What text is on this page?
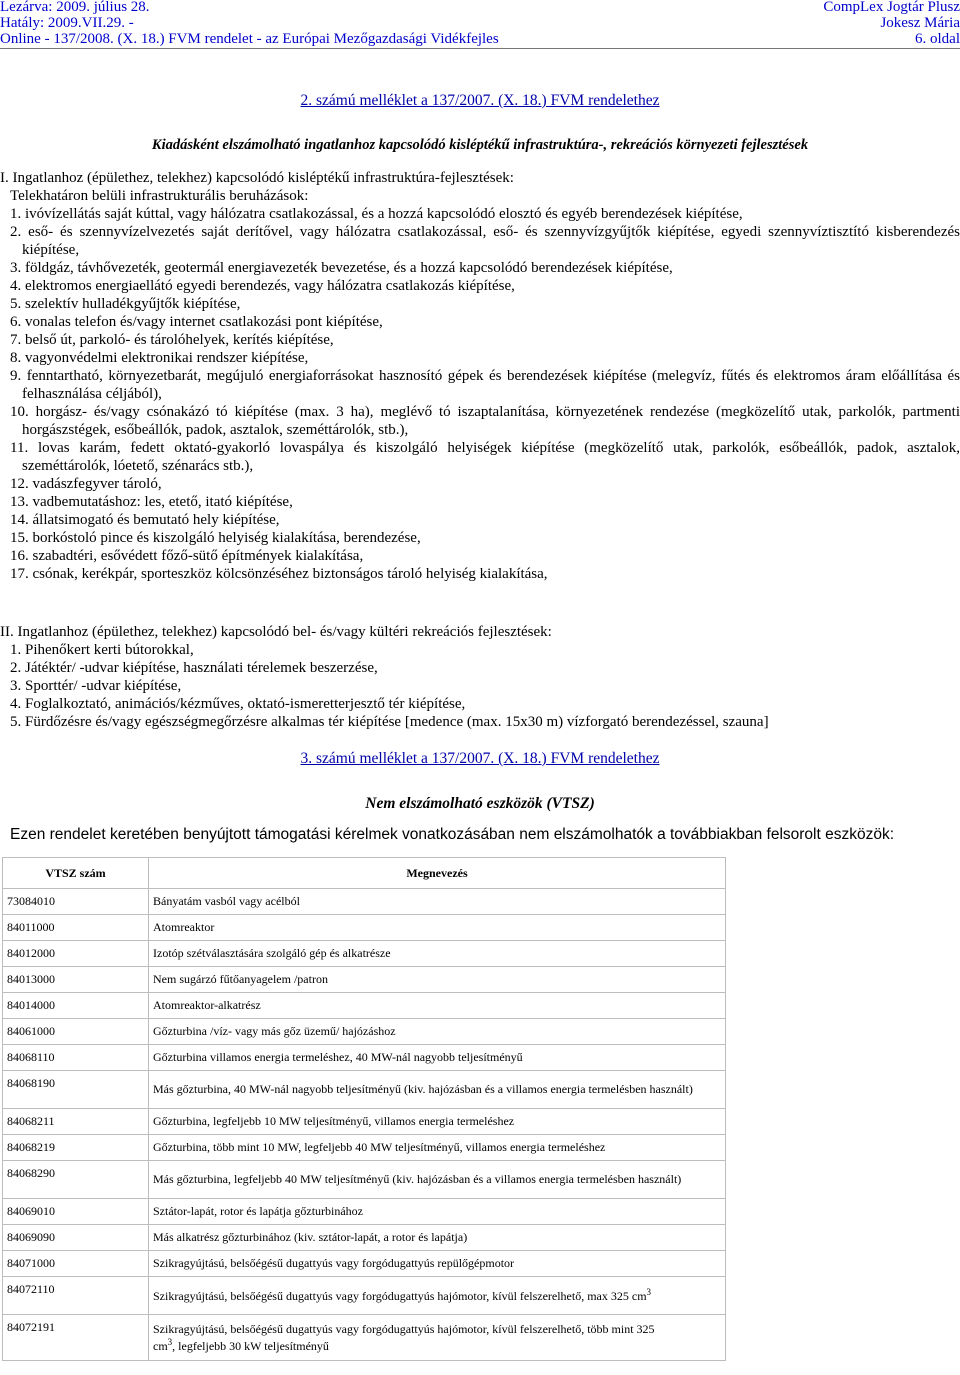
Lezárva: 2009. július 28.
Hatály: 2009.VII.29. -
Online - 137/2008. (X. 18.) FVM rendelet - az Európai Mezőgazdasági Vidékfejles
CompLex Jogtár Plusz
Jokesz Mária
6. oldal
2. számú melléklet a 137/2007. (X. 18.) FVM rendelethez
Kiadásként elszámolható ingatlanhoz kapcsolódó kisléptékű infrastruktúra-, rekreációs környezeti fejlesztések
I. Ingatlanhoz (épülethez, telekhez) kapcsolódó kisléptékű infrastruktúra-fejlesztések:
Telekhatáron belüli infrastrukturális beruházások:
1. ivóvízellátás saját kúttal, vagy hálózatra csatlakozással, és a hozzá kapcsolódó elosztó és egyéb berendezések kiépítése,
2. eső- és szennyvízelvezetés saját derítővel, vagy hálózatra csatlakozással, eső- és szennyvízgyűjtők kiépítése, egyedi szennyvíztisztító kisberendezés kiépítése,
3. földgáz, távhővezeték, geotermál energiavezeték bevezetése, és a hozzá kapcsolódó berendezések kiépítése,
4. elektromos energiaellátó egyedi berendezés, vagy hálózatra csatlakozás kiépítése,
5. szelektív hulladékgyűjtők kiépítése,
6. vonalas telefon és/vagy internet csatlakozási pont kiépítése,
7. belső út, parkoló- és tárolóhelyek, kerítés kiépítése,
8. vagyonvédelmi elektronikai rendszer kiépítése,
9. fenntartható, környezetbarát, megújuló energiaforrásokat hasznosító gépek és berendezések kiépítése (melegvíz, fűtés és elektromos áram előállítása és felhasználása céljából),
10. horgász- és/vagy csónakázó tó kiépítése (max. 3 ha), meglévő tó iszaptalanítása, környezetének rendezése (megközelítő utak, parkolók, partmenti horgászstégek, esőbeállók, padok, asztalok, szeméttárolók, stb.),
11. lovas karám, fedett oktató-gyakorló lovaspálya és kiszolgáló helyiségek kiépítése (megközelítő utak, parkolók, esőbeállók, padok, asztalok, szeméttárolók, lóetető, szénarács stb.),
12. vadászfegyver tároló,
13. vadbemutatáshoz: les, etető, itató kiépítése,
14. állatsimogató és bemutató hely kiépítése,
15. borkóstoló pince és kiszolgáló helyiség kialakítása, berendezése,
16. szabadtéri, esővédett főző-sütő építmények kialakítása,
17. csónak, kerékpár, sporteszköz kölcsönzéséhez biztonságos tároló helyiség kialakítása,
II. Ingatlanhoz (épülethez, telekhez) kapcsolódó bel- és/vagy kültéri rekreációs fejlesztések:
1. Pihenőkert kerti bútorokkal,
2. Játéktér/ -udvar kiépítése, használati térelemek beszerzése,
3. Sporttér/ -udvar kiépítése,
4. Foglalkoztató, animációs/kézműves, oktató-ismeretterjesztő tér kiépítése,
5. Fürdőzésre és/vagy egészségmegőrzésre alkalmas tér kiépítése [medence (max. 15x30 m) vízforgató berendezéssel, szauna]
3. számú melléklet a 137/2007. (X. 18.) FVM rendelethez
Nem elszámolható eszközök (VTSZ)
Ezen rendelet keretében benyújtott támogatási kérelmek vonatkozásában nem elszámolhatók a továbbiakban felsorolt eszközök:
VTSZ szám	Megnevezés
73084010	Bányatám vasból vagy acélból
84011000	Atomreaktor
84012000	Izotóp szétválasztására szolgáló gép és alkatrésze
84013000	Nem sugárzó fűtőanyagelem /patron
84014000	Atomreaktor-alkatrész
84061000	Gőzturbina /víz- vagy más gőz üzemű/ hajózáshoz
84068110	Gőzturbina villamos energia termeléshez, 40 MW-nál nagyobb teljesítményű
84068190	Más gőzturbina, 40 MW-nál nagyobb teljesítményű (kiv. hajózásban és a villamos energia termelésben használt)
84068211	Gőzturbina, legfeljebb 10 MW teljesítményű, villamos energia termeléshez
84068219	Gőzturbina, több mint 10 MW, legfeljebb 40 MW teljesítményű, villamos energia termeléshez
84068290	Más gőzturbina, legfeljebb 40 MW teljesítményű (kiv. hajózásban és a villamos energia termelésben használt)
84069010	Sztátor-lapát, rotor és lapátja gőzturbinához
84069090	Más alkatrész gőzturbinához (kiv. sztátor-lapát, a rotor és lapátja)
84071000	Szikragyújtású, belsőégésű dugattyús vagy forgódugattyús repülőgépmotor
84072110	Szikragyújtású, belsőégésű dugattyús vagy forgódugattyús hajómotor, kívül felszerelhető, max 325 $cm^3$
84072191	Szikragyújtású, belsőégésű dugattyús vagy forgódugattyús hajómotor, kívül felszerelhető, több mint 325
$cm^3$, legfeljebb 30 kW teljesítményű
